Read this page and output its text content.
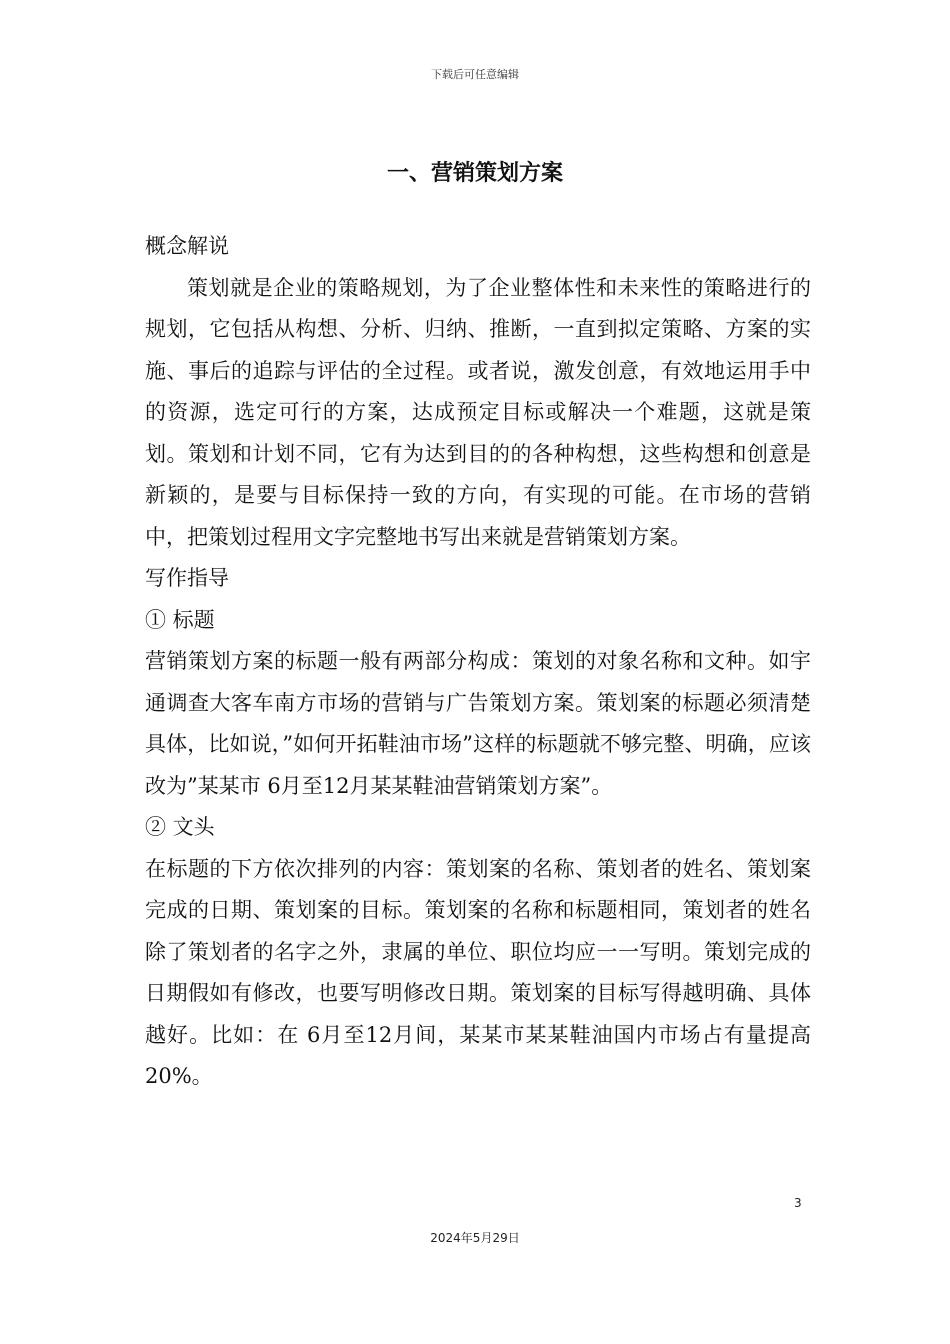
下载后可任意编辑
一、营销策划方案

概念解说

策划就是企业的策略规划，为了企业整体性和未来性的策略进行的规划，它包括从构想、分析、归纳、推断，一直到拟定策略、方案的实施、事后的追踪与评估的全过程。或者说，激发创意，有效地运用手中的资源，选定可行的方案，达成预定目标或解决一个难题，这就是策划。策划和计划不同，它有为达到目的的各种构想，这些构想和创意是新颖的，是要与目标保持一致的方向，有实现的可能。在市场的营销中，把策划过程用文字完整地书写出来就是营销策划方案。

写作指导

① 标题

营销策划方案的标题一般有两部分构成：策划的对象名称和文种。如宇通调查大客车南方市场的营销与广告策划方案。策划案的标题必须清楚具体，比如说，”如何开拓鞋油市场”这样的标题就不够完整、明确，应该改为”某某市 6月至12月某某鞋油营销策划方案”。

② 文头

在标题的下方依次排列的内容：策划案的名称、策划者的姓名、策划案完成的日期、策划案的目标。策划案的名称和标题相同，策划者的姓名除了策划者的名字之外，隶属的单位、职位均应一一写明。策划完成的日期假如有修改，也要写明修改日期。策划案的目标写得越明确、具体越好。比如：在 6月至12月间，某某市某某鞋油国内市场占有量提高20%。

3
2024年5月29日
